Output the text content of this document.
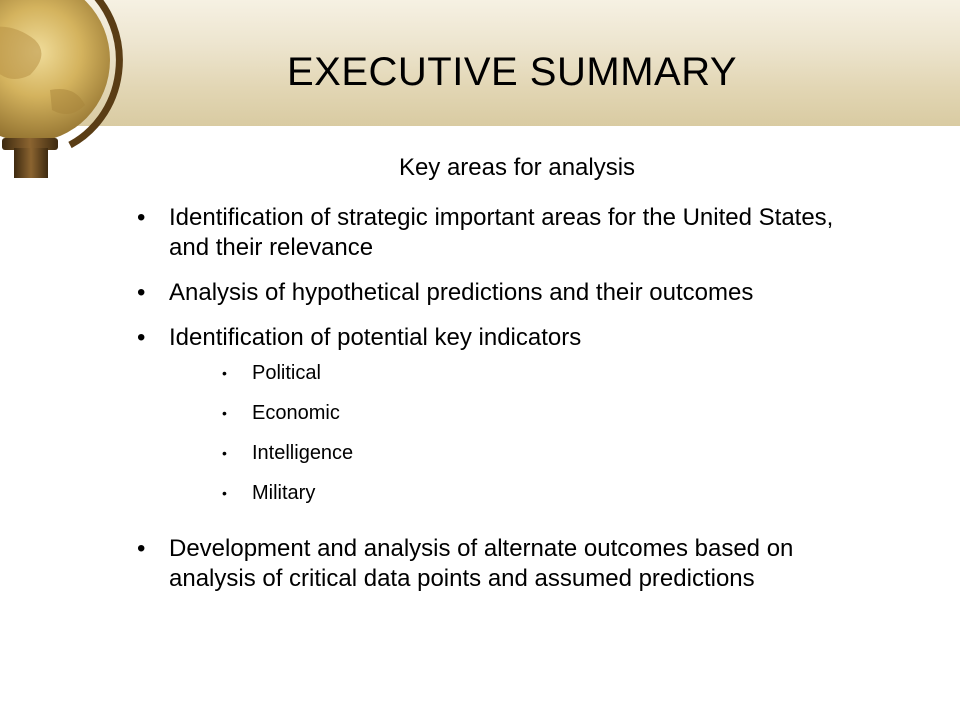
EXECUTIVE SUMMARY
Key areas for analysis
• Identification of strategic important areas for the United States, and their relevance
• Analysis of hypothetical predictions and their outcomes
• Identification of potential key indicators
• Political
• Economic
• Intelligence
• Military
• Development and analysis of alternate outcomes based on analysis of critical data points and assumed predictions
